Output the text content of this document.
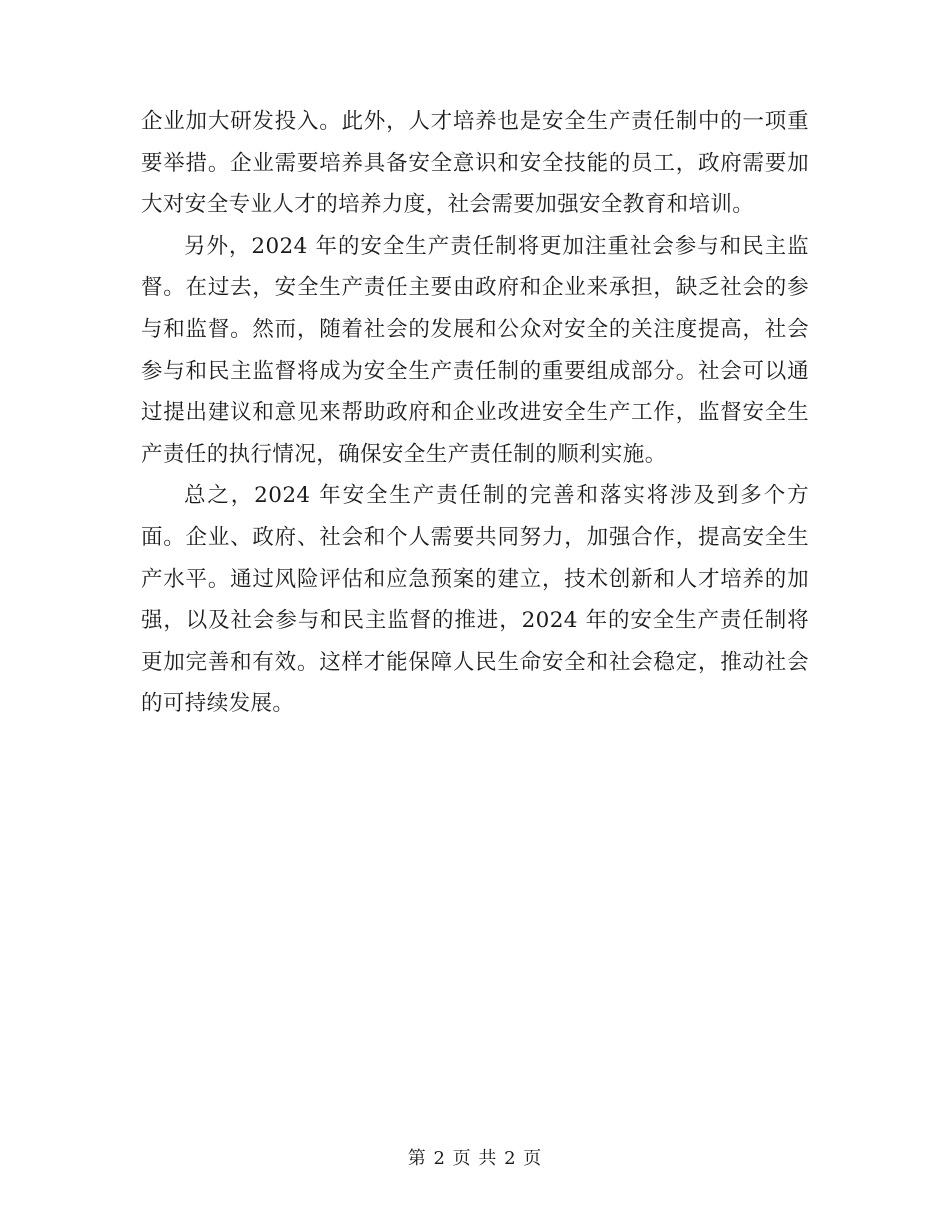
企业加大研发投入。此外，人才培养也是安全生产责任制中的一项重要举措。企业需要培养具备安全意识和安全技能的员工，政府需要加大对安全专业人才的培养力度，社会需要加强安全教育和培训。

另外，2024 年的安全生产责任制将更加注重社会参与和民主监督。在过去，安全生产责任主要由政府和企业来承担，缺乏社会的参与和监督。然而，随着社会的发展和公众对安全的关注度提高，社会参与和民主监督将成为安全生产责任制的重要组成部分。社会可以通过提出建议和意见来帮助政府和企业改进安全生产工作，监督安全生产责任的执行情况，确保安全生产责任制的顺利实施。

总之，2024 年安全生产责任制的完善和落实将涉及到多个方面。企业、政府、社会和个人需要共同努力，加强合作，提高安全生产水平。通过风险评估和应急预案的建立，技术创新和人才培养的加强，以及社会参与和民主监督的推进，2024 年的安全生产责任制将更加完善和有效。这样才能保障人民生命安全和社会稳定，推动社会的可持续发展。

第 2 页 共 2 页
